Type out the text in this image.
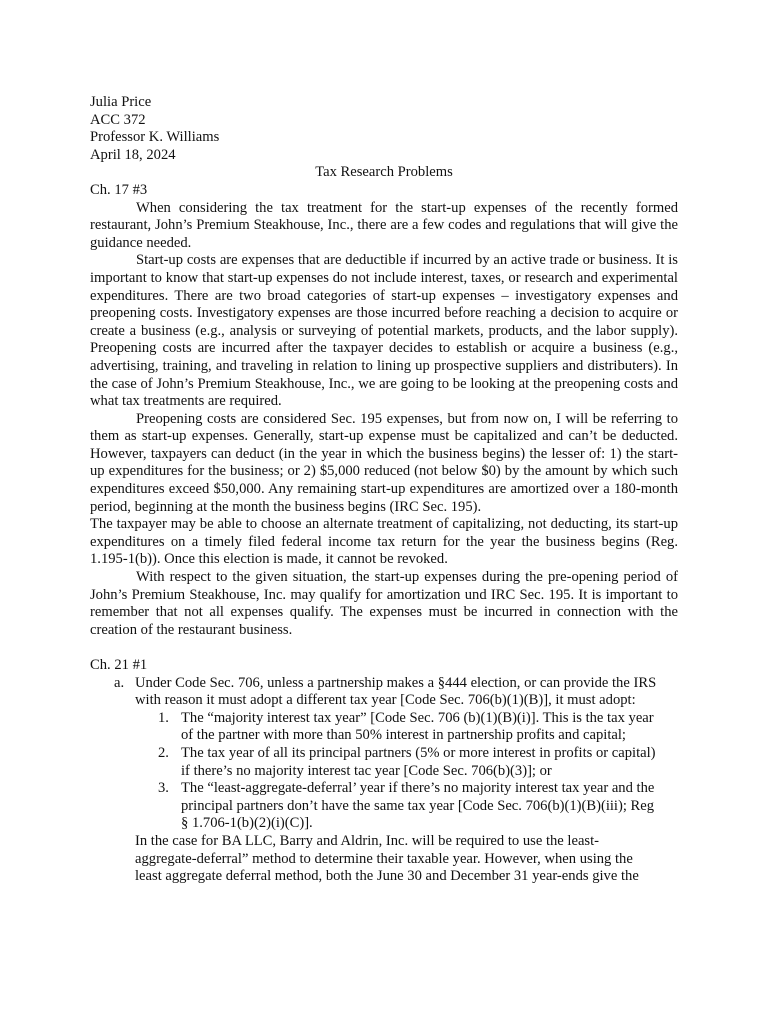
Julia Price
ACC 372
Professor K. Williams
April 18, 2024
Tax Research Problems
Ch. 17 #3

When considering the tax treatment for the start-up expenses of the recently formed restaurant, John’s Premium Steakhouse, Inc., there are a few codes and regulations that will give the guidance needed.

Start-up costs are expenses that are deductible if incurred by an active trade or business. It is important to know that start-up expenses do not include interest, taxes, or research and experimental expenditures. There are two broad categories of start-up expenses – investigatory expenses and preopening costs. Investigatory expenses are those incurred before reaching a decision to acquire or create a business (e.g., analysis or surveying of potential markets, products, and the labor supply). Preopening costs are incurred after the taxpayer decides to establish or acquire a business (e.g., advertising, training, and traveling in relation to lining up prospective suppliers and distributers). In the case of John’s Premium Steakhouse, Inc., we are going to be looking at the preopening costs and what tax treatments are required.

Preopening costs are considered Sec. 195 expenses, but from now on, I will be referring to them as start-up expenses. Generally, start-up expense must be capitalized and can’t be deducted. However, taxpayers can deduct (in the year in which the business begins) the lesser of: 1) the start-up expenditures for the business; or 2) $5,000 reduced (not below $0) by the amount by which such expenditures exceed $50,000. Any remaining start-up expenditures are amortized over a 180-month period, beginning at the month the business begins (IRC Sec. 195).

The taxpayer may be able to choose an alternate treatment of capitalizing, not deducting, its start-up expenditures on a timely filed federal income tax return for the year the business begins (Reg. 1.195-1(b)). Once this election is made, it cannot be revoked.

With respect to the given situation, the start-up expenses during the pre-opening period of John’s Premium Steakhouse, Inc. may qualify for amortization und IRC Sec. 195. It is important to remember that not all expenses qualify. The expenses must be incurred in connection with the creation of the restaurant business.

Ch. 21 #1
a. Under Code Sec. 706, unless a partnership makes a §444 election, or can provide the IRS
with reason it must adopt a different tax year [Code Sec. 706(b)(1)(B)], it must adopt:
1. The “majority interest tax year” [Code Sec. 706 (b)(1)(B)(i)]. This is the tax year
of the partner with more than 50% interest in partnership profits and capital;
2. The tax year of all its principal partners (5% or more interest in profits or capital)
if there’s no majority interest tac year [Code Sec. 706(b)(3)]; or
3. The “least-aggregate-deferral’ year if there’s no majority interest tax year and the
principal partners don’t have the same tax year [Code Sec. 706(b)(1)(B)(iii); Reg
§ 1.706-1(b)(2)(i)(C)].
In the case for BA LLC, Barry and Aldrin, Inc. will be required to use the least-
aggregate-deferral” method to determine their taxable year. However, when using the
least aggregate deferral method, both the June 30 and December 31 year-ends give the
